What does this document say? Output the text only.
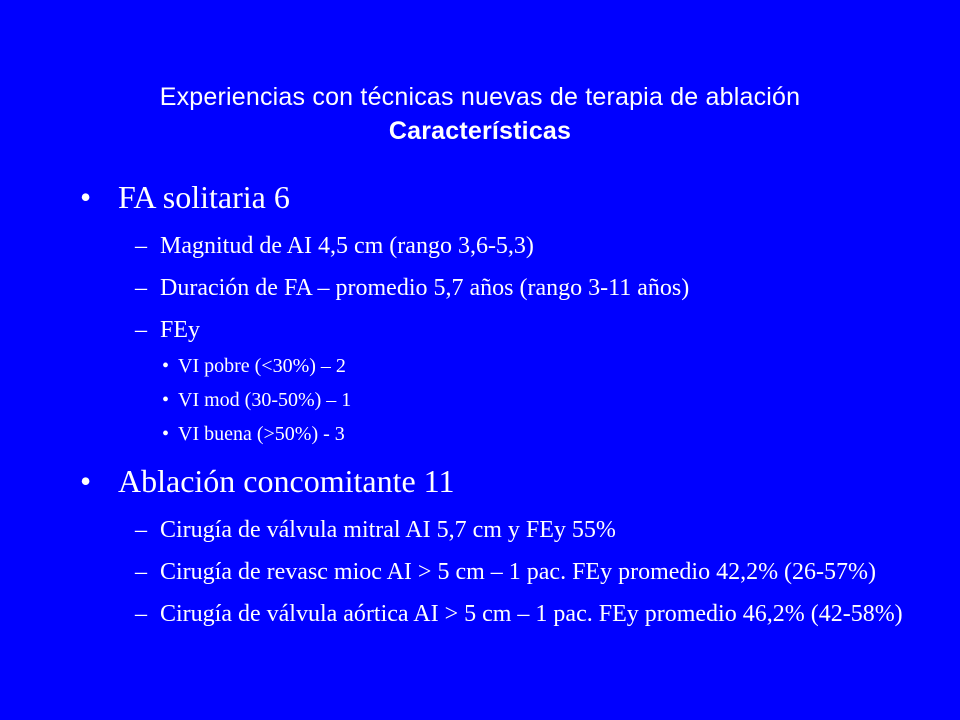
Experiencias con técnicas nuevas de terapia de ablación
Características
• FA solitaria 6
– Magnitud de AI 4,5 cm (rango 3,6-5,3)
– Duración de FA – promedio 5,7 años (rango 3-11 años)
– FEy
• VI pobre (<30%) – 2
• VI mod (30-50%) – 1
• VI buena (>50%) - 3
• Ablación concomitante 11
– Cirugía de válvula mitral AI 5,7 cm y FEy 55%
– Cirugía de revasc mioc AI > 5 cm – 1 pac. FEy promedio 42,2% (26-57%)
– Cirugía de válvula aórtica AI > 5 cm – 1 pac. FEy promedio 46,2% (42-58%)
